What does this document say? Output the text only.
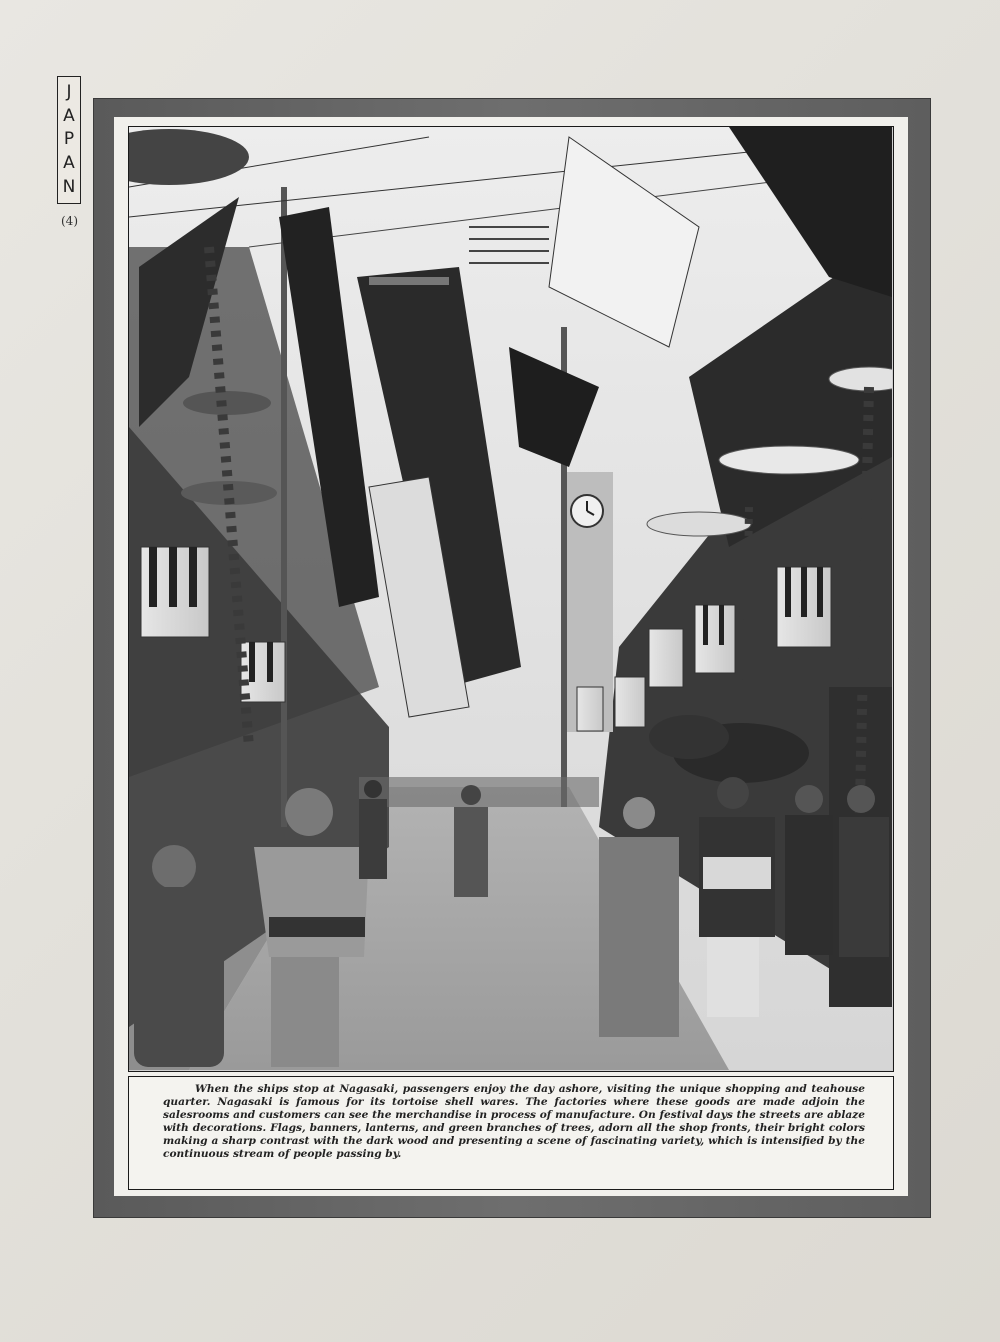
J
A
P
A
N
(4)

When the ships stop at Nagasaki, passengers enjoy the day ashore, visiting the unique shopping and teahouse quarter. Nagasaki is famous for its tortoise shell wares. The factories where these goods are made adjoin the salesrooms and customers can see the merchandise in process of manufacture. On festival days the streets are ablaze with decorations. Flags, banners, lanterns, and green branches of trees, adorn all the shop fronts, their bright colors making a sharp contrast with the dark wood and presenting a scene of fascinating variety, which is intensified by the continuous stream of people passing by.
